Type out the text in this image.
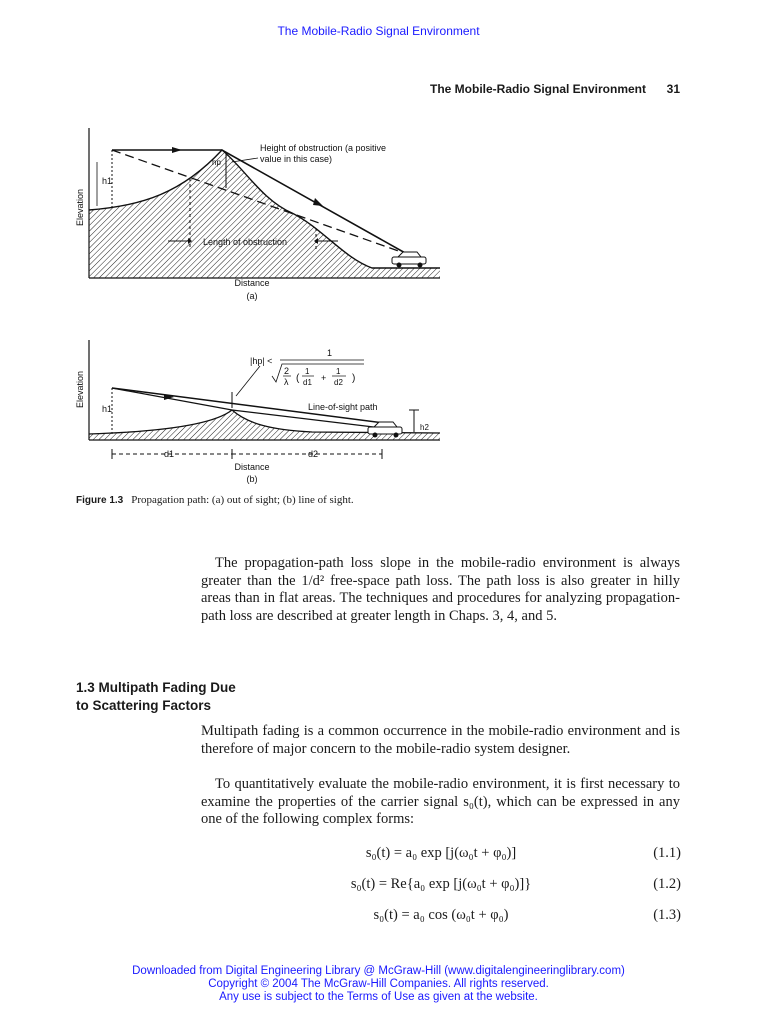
The Mobile-Radio Signal Environment
The Mobile-Radio Signal Environment 31
Height of obstruction (a positive
value in this case)
hp
h1
Length of obstruction
Elevation
Distance
(a)
|hp| <
1
2
λ (
1
d1 +
1
d2 )
Line-of-sight path
h1
h2
d1	d2
Elevation
Distance
(b)
Figure 1.3 Propagation path: (a) out of sight; (b) line of sight.
The propagation-path loss slope in the mobile-radio environment is always greater than the 1/d² free-space path loss. The path loss is also greater in hilly areas than in flat areas. The techniques and procedures for analyzing propagation-path loss are described at greater length in Chaps. 3, 4, and 5.
1.3 Multipath Fading Due
to Scattering Factors
Multipath fading is a common occurrence in the mobile-radio environment and is therefore of major concern to the mobile-radio system designer.
To quantitatively evaluate the mobile-radio environment, it is first necessary to examine the properties of the carrier signal s₀(t), which can be expressed in any one of the following complex forms:
s₀(t) = a₀ exp [j(ω₀t + φ₀)]	(1.1)
s₀(t) = Re{a₀ exp [j(ω₀t + φ₀)]}	(1.2)
s₀(t) = a₀ cos (ω₀t + φ₀)	(1.3)
Downloaded from Digital Engineering Library @ McGraw-Hill (www.digitalengineeringlibrary.com)
Copyright © 2004 The McGraw-Hill Companies. All rights reserved.
Any use is subject to the Terms of Use as given at the website.
